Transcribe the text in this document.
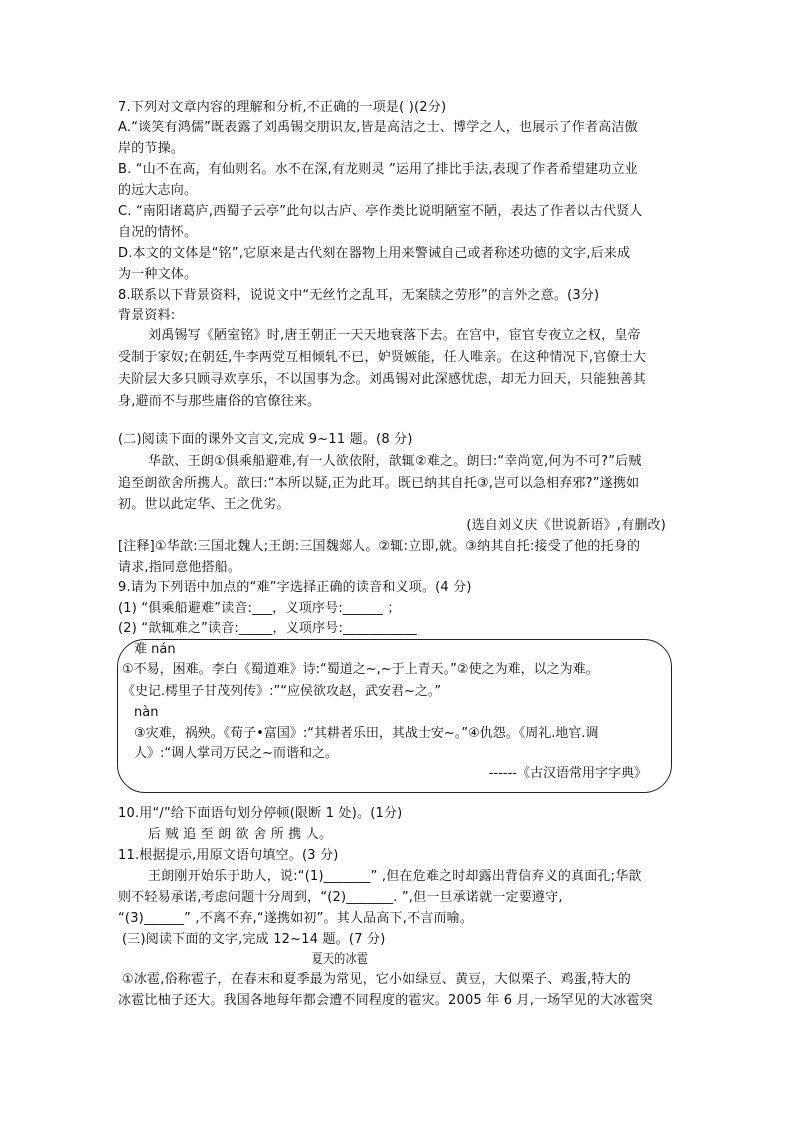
7.下列对文章内容的理解和分析,不正确的一项是( )(2分)
A.“谈笑有鸿儒”既表露了刘禹锡交朋识友,皆是高洁之士、博学之人，也展示了作者高洁傲
岸的节操。
B. “山不在高，有仙则名。水不在深,有龙则灵 ”运用了排比手法,表现了作者希望建功立业
的远大志向。
C. “南阳诸葛庐,西蜀子云亭”此句以古庐、亭作类比说明陋室不陋，表达了作者以古代贤人
自况的情怀。
D.本文的文体是“铭”,它原来是古代刻在器物上用来警诫自己或者称述功德的文字,后来成
为一种文体。
8.联系以下背景资料，说说文中“无丝竹之乱耳，无案牍之劳形”的言外之意。(3分)
背景资料:
刘禹锡写《陋室铭》时,唐王朝正一天天地衰落下去。在宫中，宦官专夜立之权，皇帝
受制于家奴;在朝廷,牛李两党互相倾轧不已，妒贤嫉能，任人唯亲。在这种情况下,官僚士大
夫阶层大多只顾寻欢享乐，不以国事为念。刘禹锡对此深感忧虑，却无力回天，只能独善其
身,避而不与那些庸俗的官僚往来。
(二)阅读下面的课外文言文,完成 9~11 题。(8 分)
华歆、王朗①俱乘船避难,有一人欲依附，歆辄②难之。朗曰:“幸尚宽,何为不可?”后贼
追至朗欲舍所携人。歆曰:“本所以疑,正为此耳。既已纳其自托③,岂可以急相弃邪?”遂携如
初。世以此定华、王之优劣。
(选自刘义庆《世说新语》,有删改)
[注释]①华歆:三国北魏人;王朗:三国魏郯人。②辄:立即,就。③纳其自托:接受了他的托身的
请求,指同意他搭船。
9.请为下列语中加点的“难”字选择正确的读音和义项。(4 分)
(1) “俱乘船避难”读音:___，义项序号:______ ；
(2) “歆辄难之”读音:_____，义项序号:___________
难 nán
①不易，困难。李白《蜀道难》诗:“蜀道之~,~于上青天。”②使之为难，以之为难。
《史记.樗里子甘茂列传》:”“应侯欲攻赵，武安君~之。”
nàn
③灾难，祸殃。《荀子•富国》:“其耕者乐田，其战士安~。”④仇怨。《周礼.地官.调
人》:“调人掌司万民之~而谐和之。
------《古汉语常用字字典》
10.用“/”给下面语句划分停顿(限断 1 处)。(1分)
后 贼 追 至 朗 欲 舍 所 携 人。
11.根据提示,用原文语句填空。(3 分)
王朗刚开始乐于助人，说:“(1)_______” ,但在危难之时却露出背信弃义的真面孔;华歆
则不轻易承诺,考虑问题十分周到，“(2)_______. ”,但一旦承诺就一定要遵守,
“(3)______” ,不离不弃,“遂携如初”。其人品高下,不言而喻。
(三)阅读下面的文字,完成 12~14 题。(7 分)
夏天的冰雹
①冰雹,俗称雹子，在春末和夏季最为常见，它小如绿豆、黄豆，大似栗子、鸡蛋,特大的
冰雹比柚子还大。我国各地每年都会遭不同程度的雹灾。2005 年 6 月,一场罕见的大冰雹突
